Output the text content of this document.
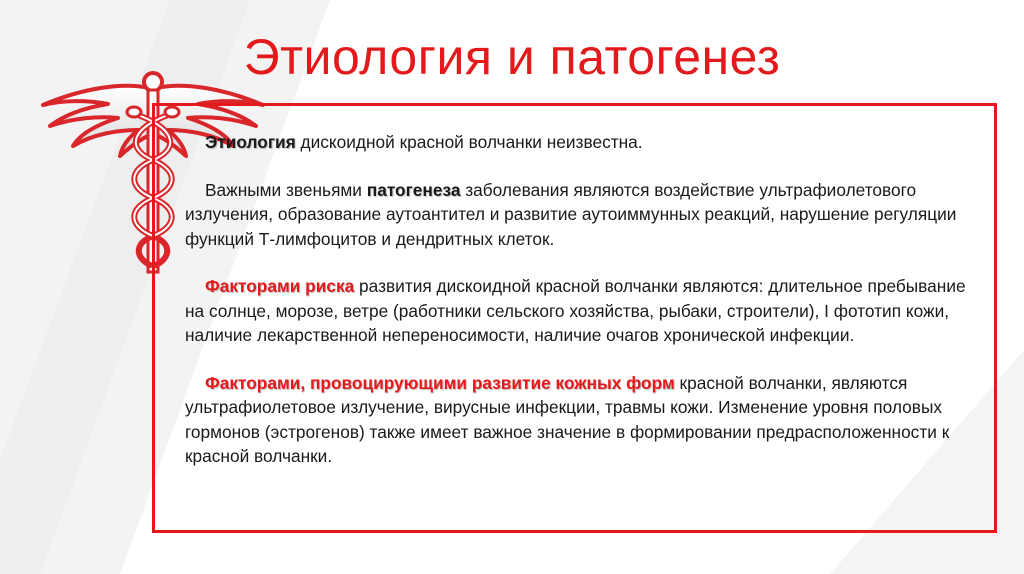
Этиология и патогенез

Этиология дискоидной красной волчанки неизвестна.

Важными звеньями патогенеза заболевания являются воздействие ультрафиолетового излучения, образование аутоантител и развитие аутоиммунных реакций, нарушение регуляции функций Т-лимфоцитов и дендритных клеток.

Факторами риска развития дискоидной красной волчанки являются: длительное пребывание на солнце, морозе, ветре (работники сельского хозяйства, рыбаки, строители), I фототип кожи, наличие лекарственной непереносимости, наличие очагов хронической инфекции.

Факторами, провоцирующими развитие кожных форм красной волчанки, являются ультрафиолетовое излучение, вирусные инфекции, травмы кожи. Изменение уровня половых гормонов (эстрогенов) также имеет важное значение в формировании предрасположенности к красной волчанки.
